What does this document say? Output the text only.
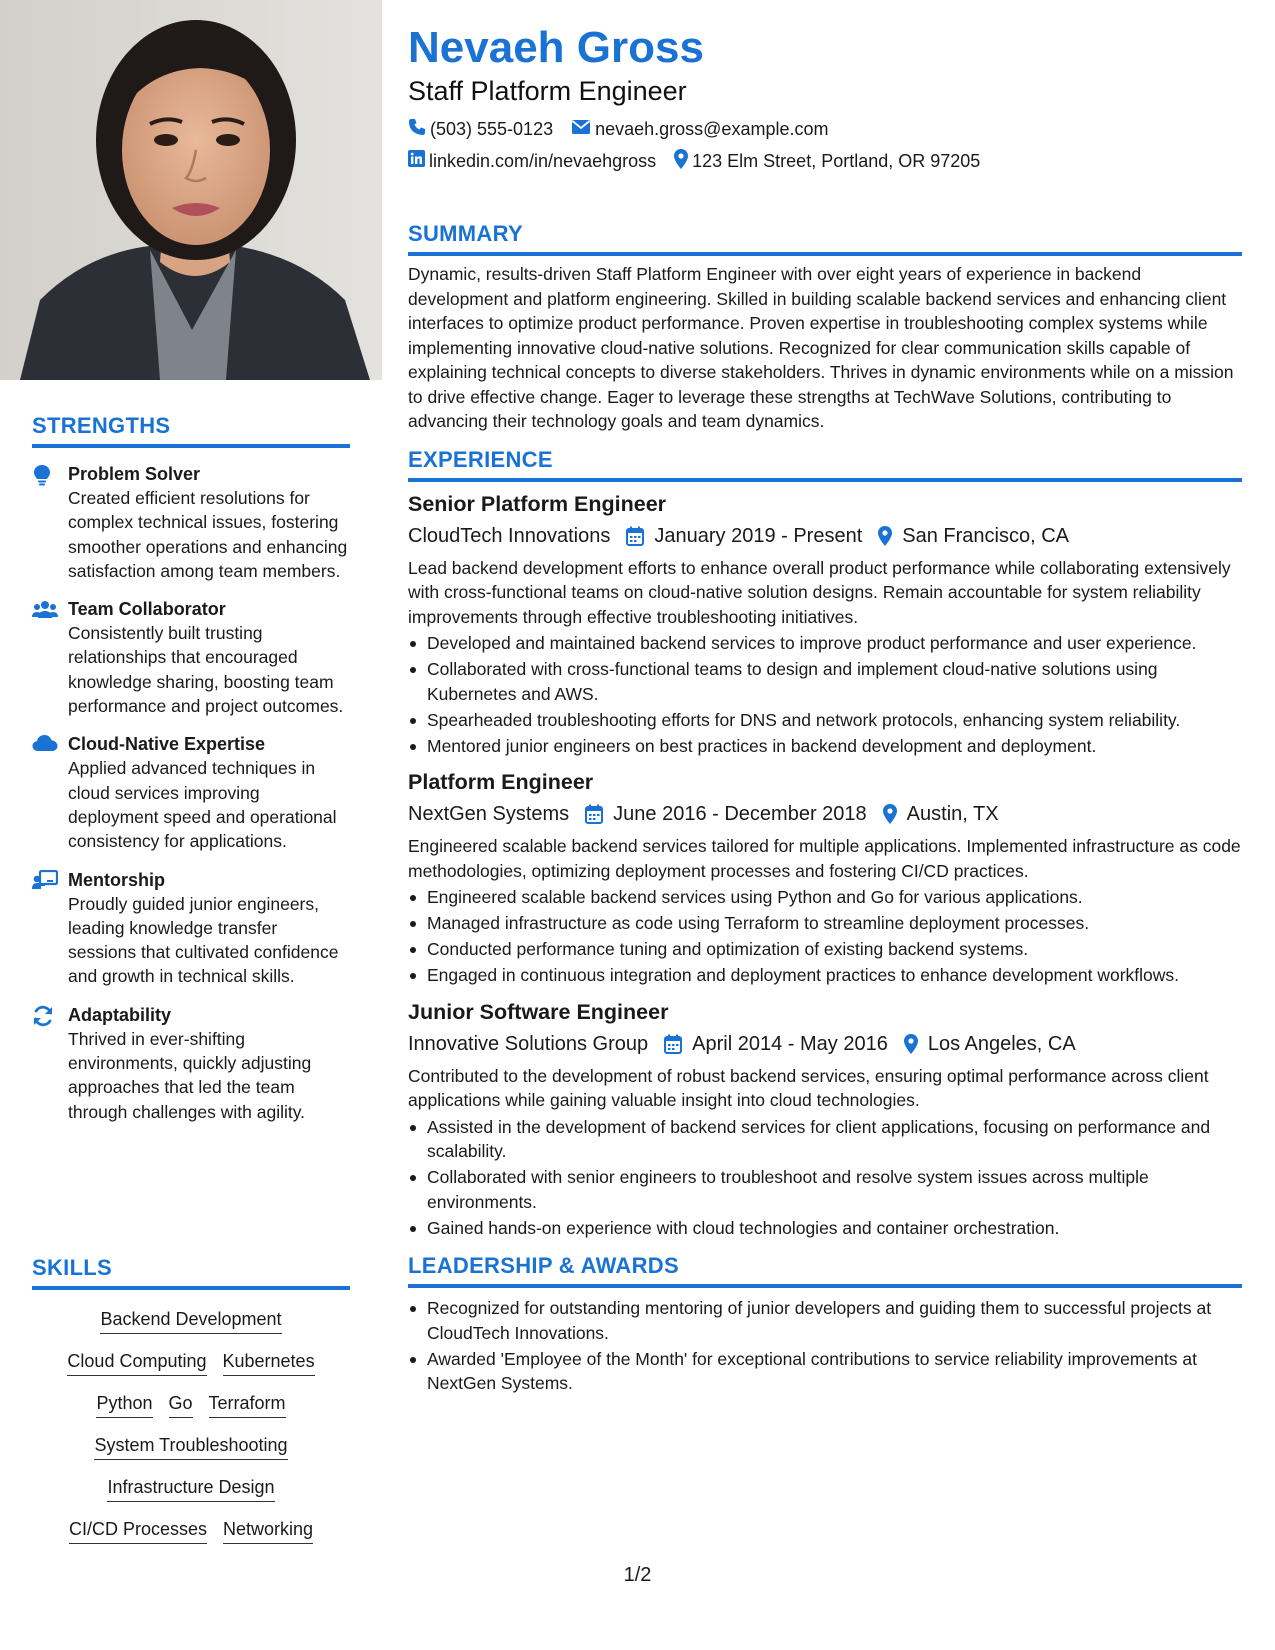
STRENGTHS
Problem Solver
Created efficient resolutions for complex technical issues, fostering smoother operations and enhancing satisfaction among team members.
Team Collaborator
Consistently built trusting relationships that encouraged knowledge sharing, boosting team performance and project outcomes.
Cloud-Native Expertise
Applied advanced techniques in cloud services improving deployment speed and operational consistency for applications.
Mentorship
Proudly guided junior engineers, leading knowledge transfer sessions that cultivated confidence and growth in technical skills.
Adaptability
Thrived in ever-shifting environments, quickly adjusting approaches that led the team through challenges with agility.
SKILLS
Backend Development
Cloud Computing Kubernetes
Python Go Terraform
System Troubleshooting
Infrastructure Design
CI/CD Processes Networking
Nevaeh Gross
Staff Platform Engineer
(503) 555-0123 nevaeh.gross@example.com
linkedin.com/in/nevaehgross 123 Elm Street, Portland, OR 97205
SUMMARY
Dynamic, results-driven Staff Platform Engineer with over eight years of experience in backend development and platform engineering. Skilled in building scalable backend services and enhancing client interfaces to optimize product performance. Proven expertise in troubleshooting complex systems while implementing innovative cloud-native solutions. Recognized for clear communication skills capable of explaining technical concepts to diverse stakeholders. Thrives in dynamic environments while on a mission to drive effective change. Eager to leverage these strengths at TechWave Solutions, contributing to advancing their technology goals and team dynamics.
EXPERIENCE
Senior Platform Engineer
CloudTech Innovations January 2019 - Present San Francisco, CA
Lead backend development efforts to enhance overall product performance while collaborating extensively with cross-functional teams on cloud-native solution designs. Remain accountable for system reliability improvements through effective troubleshooting initiatives.
Developed and maintained backend services to improve product performance and user experience.
Collaborated with cross-functional teams to design and implement cloud-native solutions using Kubernetes and AWS.
Spearheaded troubleshooting efforts for DNS and network protocols, enhancing system reliability.
Mentored junior engineers on best practices in backend development and deployment.
Platform Engineer
NextGen Systems June 2016 - December 2018 Austin, TX
Engineered scalable backend services tailored for multiple applications. Implemented infrastructure as code methodologies, optimizing deployment processes and fostering CI/CD practices.
Engineered scalable backend services using Python and Go for various applications.
Managed infrastructure as code using Terraform to streamline deployment processes.
Conducted performance tuning and optimization of existing backend systems.
Engaged in continuous integration and deployment practices to enhance development workflows.
Junior Software Engineer
Innovative Solutions Group April 2014 - May 2016 Los Angeles, CA
Contributed to the development of robust backend services, ensuring optimal performance across client applications while gaining valuable insight into cloud technologies.
Assisted in the development of backend services for client applications, focusing on performance and scalability.
Collaborated with senior engineers to troubleshoot and resolve system issues across multiple environments.
Gained hands-on experience with cloud technologies and container orchestration.
LEADERSHIP & AWARDS
Recognized for outstanding mentoring of junior developers and guiding them to successful projects at CloudTech Innovations.
Awarded 'Employee of the Month' for exceptional contributions to service reliability improvements at NextGen Systems.
1/2
